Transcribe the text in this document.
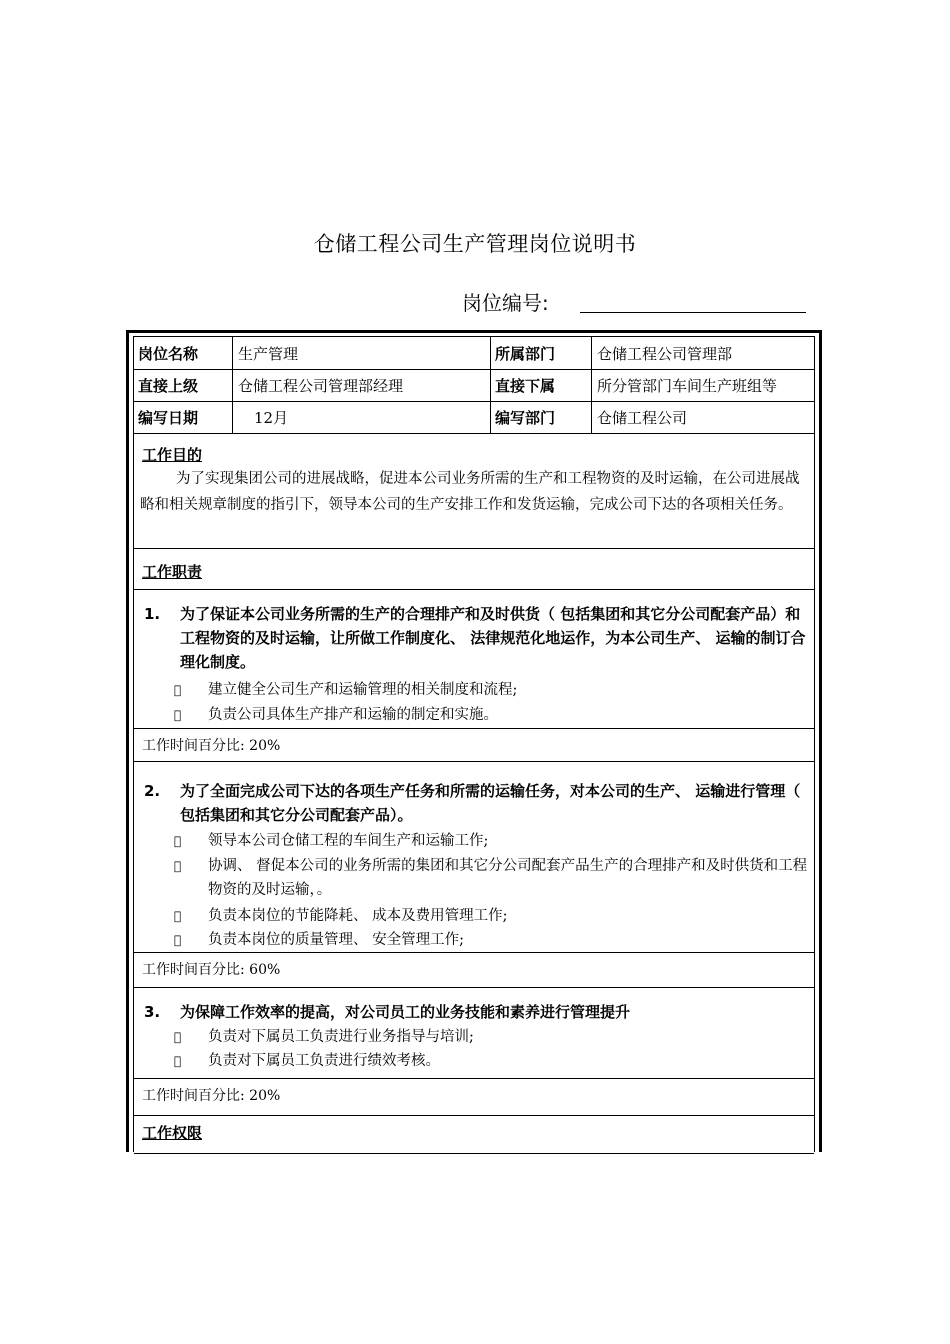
仓储工程公司生产管理岗位说明书
岗位编号:
岗位名称	生产管理	所属部门	仓储工程公司管理部
直接上级	仓储工程公司管理部经理	直接下属	所分管部门车间生产班组等
编写日期	12月	编写部门	仓储工程公司
工作目的
为了实现集团公司的进展战略，促进本公司业务所需的生产和工程物资的及时运输，在公司进展战略和相关规章制度的指引下，领导本公司的生产安排工作和发货运输，完成公司下达的各项相关任务。
工作职责
1. 为了保证本公司业务所需的生产的合理排产和及时供货（ 包括集团和其它分公司配套产品）和工程物资的及时运输，让所做工作制度化、 法律规范化地运作，为本公司生产、 运输的制订合理化制度。
建立健全公司生产和运输管理的相关制度和流程;
负责公司具体生产排产和运输的制定和实施。
工作时间百分比: 20%
2. 为了全面完成公司下达的各项生产任务和所需的运输任务，对本公司的生产、 运输进行管理（ 包括集团和其它分公司配套产品）。
领导本公司仓储工程的车间生产和运输工作;
协调、 督促本公司的业务所需的集团和其它分公司配套产品生产的合理排产和及时供货和工程物资的及时运输，。
负责本岗位的节能降耗、 成本及费用管理工作;
负责本岗位的质量管理、 安全管理工作;
工作时间百分比: 60%
3. 为保障工作效率的提高，对公司员工的业务技能和素养进行管理提升
负责对下属员工负责进行业务指导与培训;
负责对下属员工负责进行绩效考核。
工作时间百分比: 20%
工作权限
